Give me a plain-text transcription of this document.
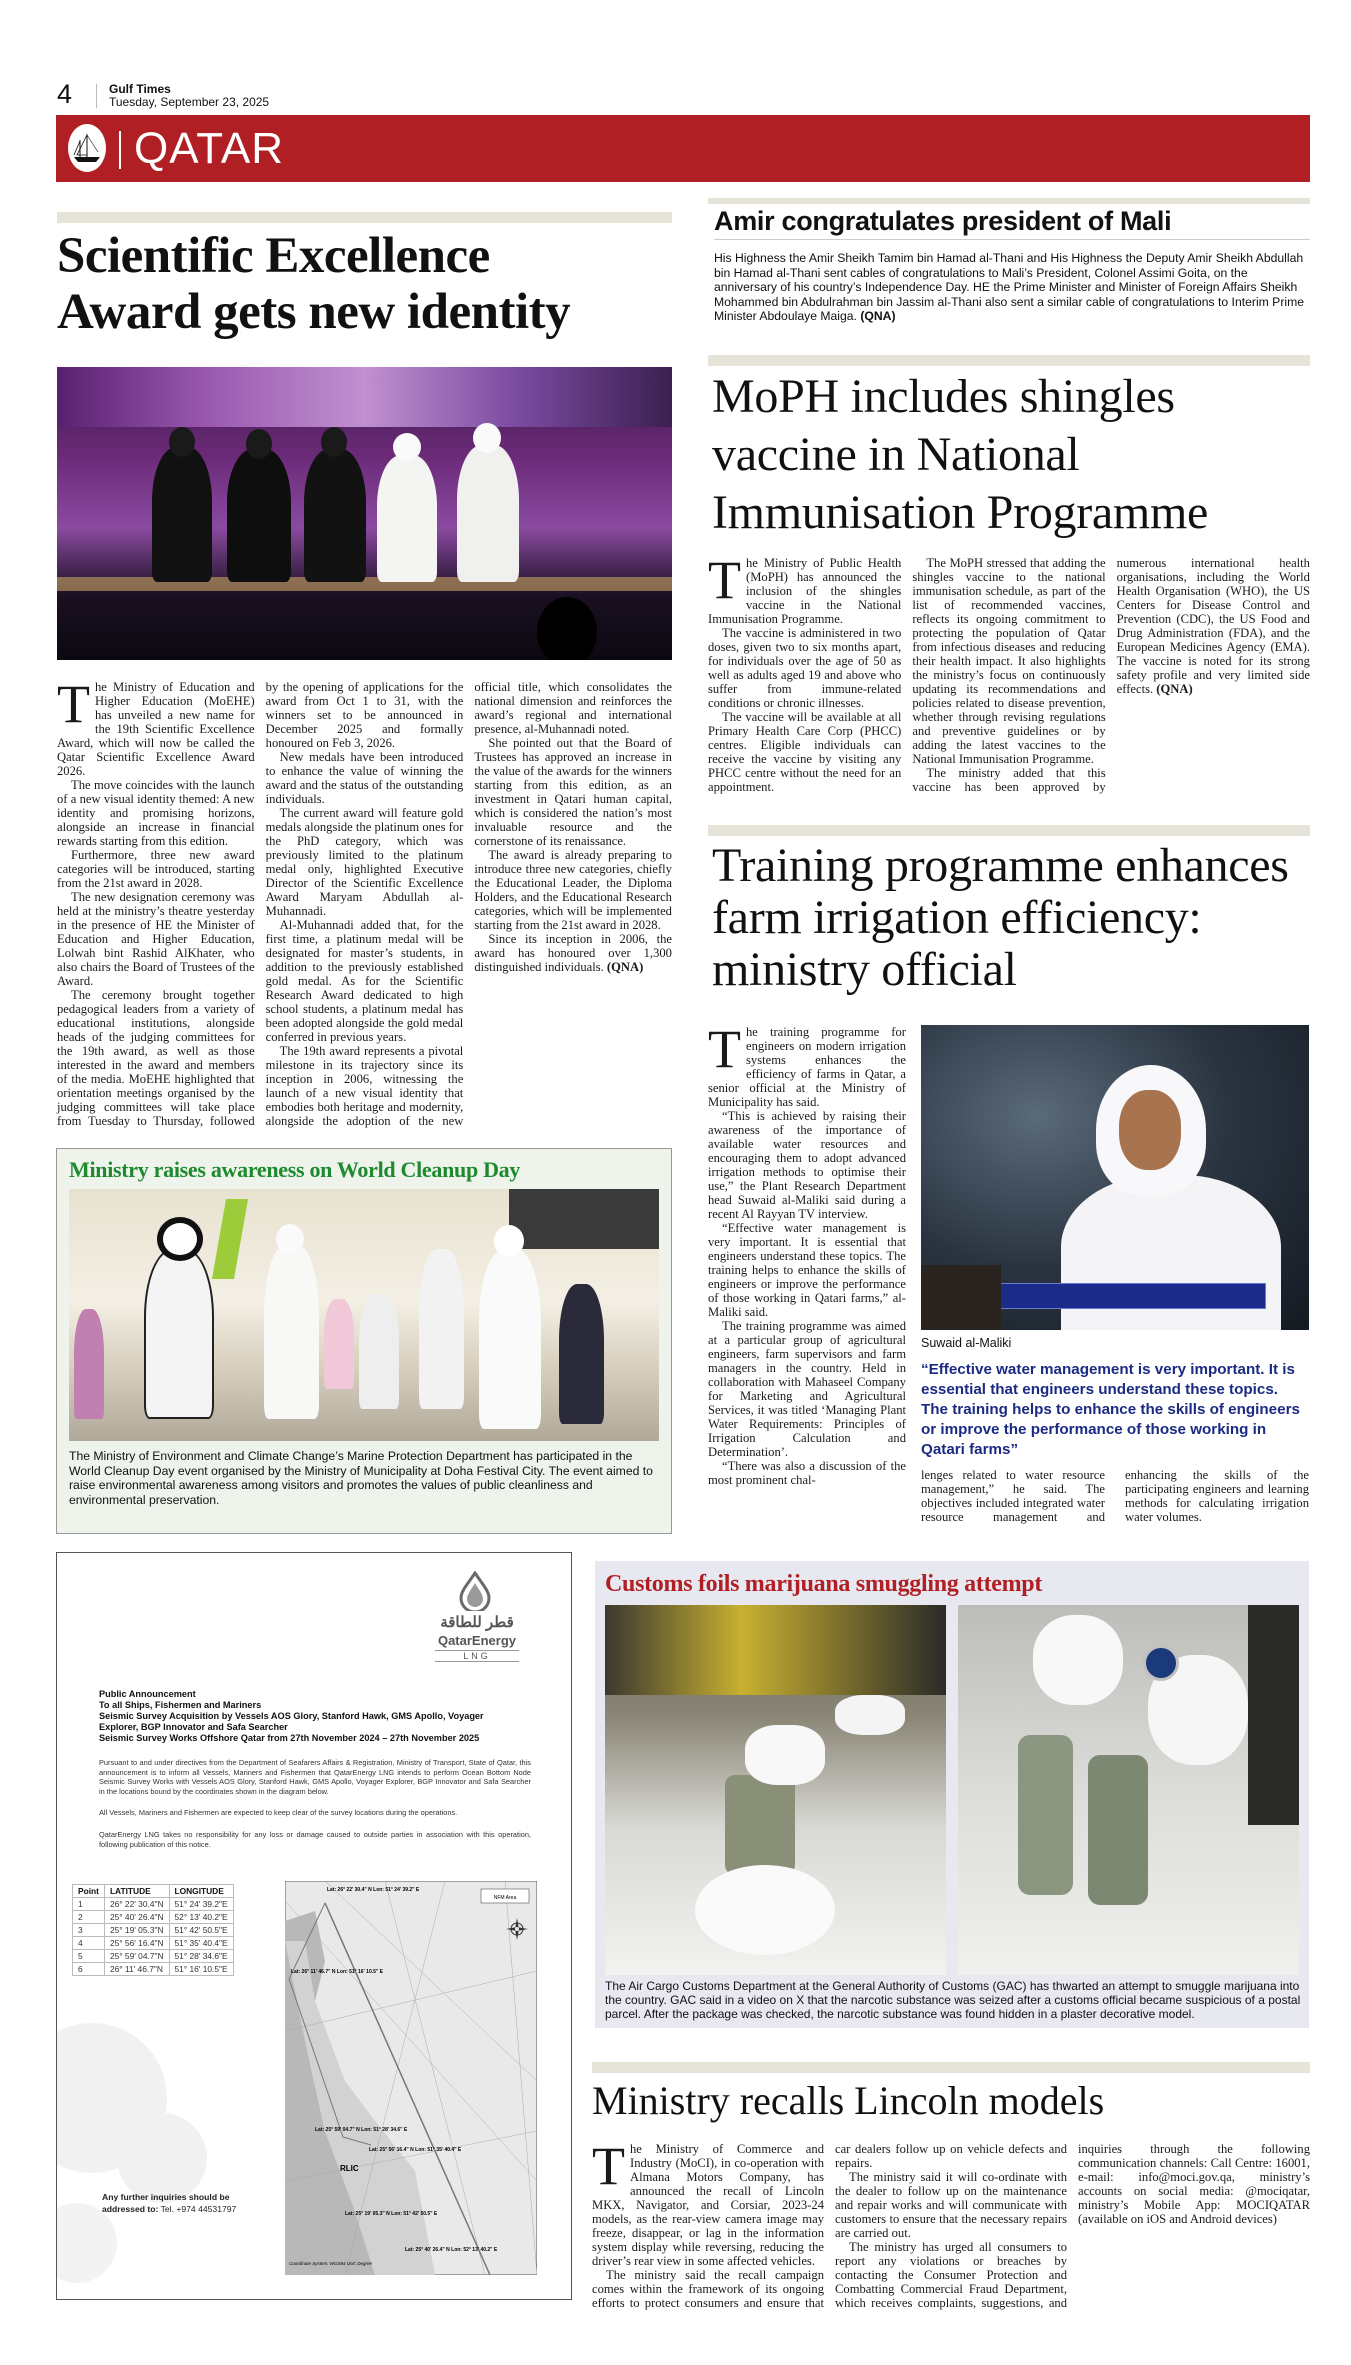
4	Gulf Times
Tuesday, September 23, 2025
QATAR
Scientific Excellence
Award gets new identity

The Ministry of Education and Higher Education (MoEHE) has unveiled a new name for the 19th Scientific Excellence Award, which will now be called the Qatar Scientific Excellence Award 2026.

The move coincides with the launch of a new visual identity themed: A new identity and promising horizons, alongside an increase in financial rewards starting from this edition.

Furthermore, three new award categories will be introduced, starting from the 21st award in 2028.

The new designation ceremony was held at the ministry’s theatre yesterday in the presence of HE the Minister of Education and Higher Education, Lolwah bint Rashid AlKhater, who also chairs the Board of Trustees of the Award.

The ceremony brought together pedagogical leaders from a variety of educational institutions, alongside heads of the judging committees for the 19th award, as well as those interested in the award and members of the media. MoEHE highlighted that orientation meetings organised by the judging committees will take place from Tuesday to Thursday, followed by the opening of applications for the award from Oct 1 to 31, with the winners set to be announced in December 2025 and formally honoured on Feb 3, 2026.

New medals have been introduced to enhance the value of winning the award and the status of the outstanding individuals.

The current award will feature gold medals alongside the platinum ones for the PhD category, which was previously limited to the platinum medal only, highlighted Executive Director of the Scientific Excellence Award Maryam Abdullah al-Muhannadi.

Al-Muhannadi added that, for the first time, a platinum medal will be designated for master’s students, in addition to the previously established gold medal. As for the Scientific Research Award dedicated to high school students, a platinum medal has been adopted alongside the gold medal conferred in previous years.

The 19th award represents a pivotal milestone in its trajectory since its inception in 2006, witnessing the launch of a new visual identity that embodies both heritage and modernity, alongside the adoption of the new official title, which consolidates the national dimension and reinforces the award’s regional and international presence, al-Muhannadi noted.

She pointed out that the Board of Trustees has approved an increase in the value of the awards for the winners starting from this edition, as an investment in Qatari human capital, which is considered the nation’s most invaluable resource and the cornerstone of its renaissance.

The award is already preparing to introduce three new categories, chiefly the Educational Leader, the Diploma Holders, and the Educational Research categories, which will be implemented starting from the 21st award in 2028.

Since its inception in 2006, the award has honoured over 1,300 distinguished individuals. (QNA)

Ministry raises awareness on World Cleanup Day
The Ministry of Environment and Climate Change’s Marine Protection Department has participated in the World Cleanup Day event organised by the Ministry of Municipality at Doha Festival City. The event aimed to raise environmental awareness among visitors and promotes the values of public cleanliness and environmental preservation.
Amir congratulates president of Mali

His Highness the Amir Sheikh Tamim bin Hamad al-Thani and His Highness the Deputy Amir Sheikh Abdullah bin Hamad al-Thani sent cables of congratulations to Mali’s President, Colonel Assimi Goita, on the anniversary of his country’s Independence Day. HE the Prime Minister and Minister of Foreign Affairs Sheikh Mohammed bin Abdulrahman bin Jassim al-Thani also sent a similar cable of congratulations to Interim Prime Minister Abdoulaye Maiga. (QNA)

MoPH includes shingles vaccine in National Immunisation Programme

The Ministry of Public Health (MoPH) has announced the inclusion of the shingles vaccine in the National Immunisation Programme.

The vaccine is administered in two doses, given two to six months apart, for individuals over the age of 50 as well as adults aged 19 and above who suffer from immune-related conditions or chronic illnesses.

The vaccine will be available at all Primary Health Care Corp (PHCC) centres. Eligible individuals can receive the vaccine by visiting any PHCC centre without the need for an appointment.

The MoPH stressed that adding the shingles vaccine to the national immunisation schedule, as part of the list of recommended vaccines, reflects its ongoing commitment to protecting the population of Qatar from infectious diseases and reducing their health impact. It also highlights the ministry’s focus on continuously updating its recommendations and policies related to disease prevention, whether through revising regulations and preventive guidelines or by adding the latest vaccines to the National Immunisation Programme.

The ministry added that this vaccine has been approved by numerous international health organisations, including the World Health Organisation (WHO), the US Centers for Disease Control and Prevention (CDC), the US Food and Drug Administration (FDA), and the European Medicines Agency (EMA). The vaccine is noted for its strong safety profile and very limited side effects. (QNA)

Training programme enhances farm irrigation efficiency: ministry official

The training programme for engineers on modern irrigation systems enhances the efficiency of farms in Qatar, a senior official at the Ministry of Municipality has said.

“This is achieved by raising their awareness of the importance of available water resources and encouraging them to adopt advanced irrigation methods to optimise their use,” the Plant Research Department head Suwaid al-Maliki said during a recent Al Rayyan TV interview.

“Effective water management is very important. It is essential that engineers understand these topics. The training helps to enhance the skills of engineers or improve the performance of those working in Qatari farms,” al-Maliki said.

The training programme was aimed at a particular group of agricultural engineers, farm supervisors and farm managers in the country. Held in collaboration with Mahaseel Company for Marketing and Agricultural Services, it was titled ‘Managing Plant Water Requirements: Principles of Irrigation Calculation and Determination’.

“There was also a discussion of the most prominent chal-

Suwaid al-Maliki
“Effective water management is very important. It is essential that engineers understand these topics. The training helps to enhance the skills of engineers or improve the performance of those working in Qatari farms”

lenges related to water resource management,” he said. The objectives included integrated water resource management and enhancing the skills of the participating engineers and learning methods for calculating irrigation water volumes.

قطر للطاقة
QatarEnergy
LNG
Public Announcement
To all Ships, Fishermen and Mariners
Seismic Survey Acquisition by Vessels AOS Glory, Stanford Hawk, GMS Apollo, Voyager Explorer, BGP Innovator and Safa Searcher
Seismic Survey Works Offshore Qatar from 27th November 2024 – 27th November 2025

Pursuant to and under directives from the Department of Seafarers Affairs & Registration, Ministry of Transport, State of Qatar, this announcement is to inform all Vessels, Mariners and Fishermen that QatarEnergy LNG intends to perform Ocean Bottom Node Seismic Survey Works with Vessels AOS Glory, Stanford Hawk, GMS Apollo, Voyager Explorer, BGP Innovator and Safa Searcher in the locations bound by the coordinates shown in the diagram below.

All Vessels, Mariners and Fishermen are expected to keep clear of the survey locations during the operations.

QatarEnergy LNG takes no responsibility for any loss or damage caused to outside parties in association with this operation, following publication of this notice.

Point	LATITUDE	LONGITUDE
1	26° 22' 30.4"N	51° 24' 39.2"E
2	25° 40' 26.4"N	52° 13' 40.2"E
3	25° 19' 05.3"N	51° 42' 50.5"E
4	25° 56' 16.4"N	51° 35' 40.4"E
5	25° 59' 04.7"N	51° 28' 34.6"E
6	26° 11' 46.7"N	51° 16' 10.5"E
NFM Area
Lat: 26° 22' 30.4" N Lon: 51° 24' 39.2" E
Lat: 26° 11' 46.7" N Lon: 51° 16' 10.5" E
Lat: 25° 59' 04.7" N Lon: 51° 28' 34.6" E
Lat: 25° 56' 16.4" N Lon: 51° 35' 40.4" E
Lat: 25° 40' 26.4" N Lon: 52° 13' 40.2" E
Lat: 25° 19' 05.3" N Lon: 51° 42' 50.5" E
RLIC
Coordinate System: WGS84 Unit: Degree
Any further inquiries should be addressed to: Tel. +974 44531797
Customs foils marijuana smuggling attempt
The Air Cargo Customs Department at the General Authority of Customs (GAC) has thwarted an attempt to smuggle marijuana into the country. GAC said in a video on X that the narcotic substance was seized after a customs official became suspicious of a postal parcel. After the package was checked, the narcotic substance was found hidden in a plaster decorative model.
Ministry recalls Lincoln models

The Ministry of Commerce and Industry (MoCI), in co-operation with Almana Motors Company, has announced the recall of Lincoln MKX, Navigator, and Corsiar, 2023-24 models, as the rear-view camera image may freeze, disappear, or lag in the information system display while reversing, reducing the driver’s rear view in some affected vehicles.

The ministry said the recall campaign comes within the framework of its ongoing efforts to protect consumers and ensure that car dealers follow up on vehicle defects and repairs.

The ministry said it will co-ordinate with the dealer to follow up on the maintenance and repair works and will communicate with customers to ensure that the necessary repairs are carried out.

The ministry has urged all consumers to report any violations or breaches by contacting the Consumer Protection and Combatting Commercial Fraud Department, which receives complaints, suggestions, and inquiries through the following communication channels: Call Centre: 16001, e-mail: info@moci.gov.qa, ministry’s accounts on social media: @mociqatar, ministry’s Mobile App: MOCIQATAR (available on iOS and Android devices)
